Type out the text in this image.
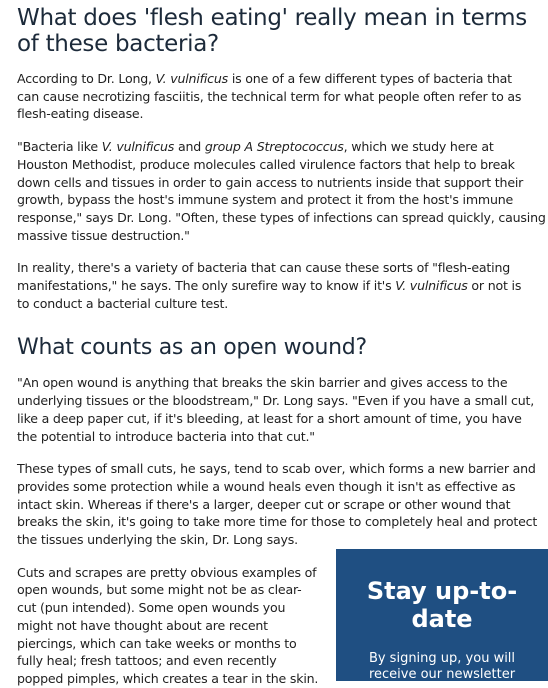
What does 'flesh eating' really mean in terms of these bacteria?

According to Dr. Long, V. vulnificus is one of a few different types of bacteria that can cause necrotizing fasciitis, the technical term for what people often refer to as flesh-eating disease.

"Bacteria like V. vulnificus and group A Streptococcus, which we study here at Houston Methodist, produce molecules called virulence factors that help to break down cells and tissues in order to gain access to nutrients inside that support their growth, bypass the host's immune system and protect it from the host's immune response," says Dr. Long. "Often, these types of infections can spread quickly, causing massive tissue destruction."

In reality, there's a variety of bacteria that can cause these sorts of "flesh-eating manifestations," he says. The only surefire way to know if it's V. vulnificus or not is to conduct a bacterial culture test.

What counts as an open wound?

"An open wound is anything that breaks the skin barrier and gives access to the underlying tissues or the bloodstream," Dr. Long says. "Even if you have a small cut, like a deep paper cut, if it's bleeding, at least for a short amount of time, you have the potential to introduce bacteria into that cut."

These types of small cuts, he says, tend to scab over, which forms a new barrier and provides some protection while a wound heals even though it isn't as effective as intact skin. Whereas if there's a larger, deeper cut or scrape or other wound that breaks the skin, it's going to take more time for those to completely heal and protect the tissues underlying the skin, Dr. Long says.

Cuts and scrapes are pretty obvious examples of open wounds, but some might not be as clear-cut (pun intended). Some open wounds you might not have thought about are recent piercings, which can take weeks or months to fully heal; fresh tattoos; and even recently popped pimples, which creates a tear in the skin.

Stay up-to-date
By signing up, you will receive our newsletter
